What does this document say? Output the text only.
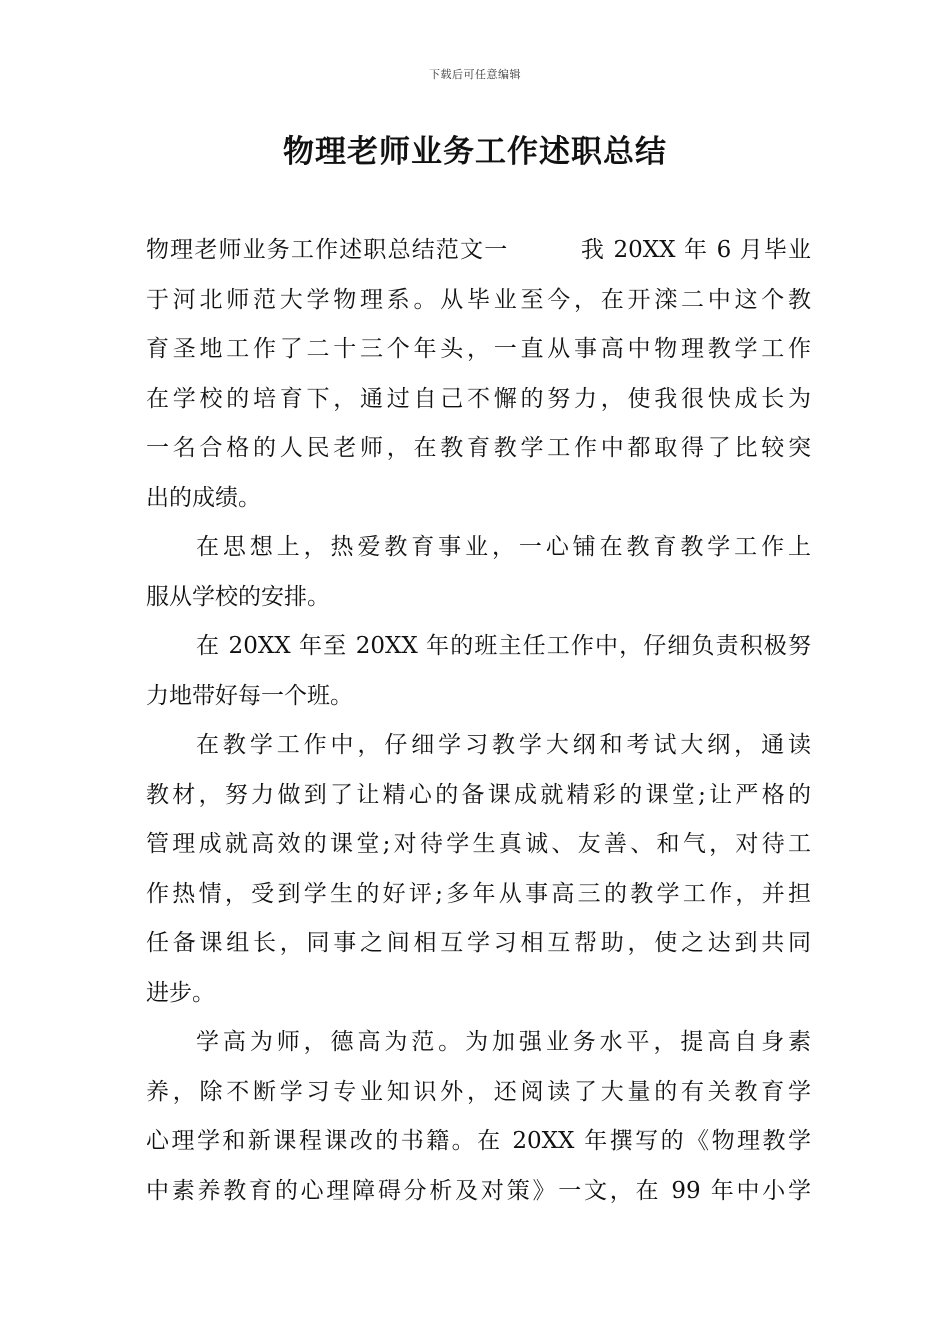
下载后可任意编辑
物理老师业务工作述职总结
物理老师业务工作述职总结范文一　　　我 20XX 年 6 月毕业
于河北师范大学物理系。从毕业至今，在开滦二中这个教
育圣地工作了二十三个年头，一直从事高中物理教学工作
在学校的培育下，通过自己不懈的努力，使我很快成长为
一名合格的人民老师，在教育教学工作中都取得了比较突
出的成绩。
在思想上，热爱教育事业，一心铺在教育教学工作上
服从学校的安排。
在 20XX 年至 20XX 年的班主任工作中，仔细负责积极努
力地带好每一个班。
在教学工作中，仔细学习教学大纲和考试大纲，通读
教材，努力做到了让精心的备课成就精彩的课堂;让严格的
管理成就高效的课堂;对待学生真诚、友善、和气，对待工
作热情，受到学生的好评;多年从事高三的教学工作，并担
任备课组长，同事之间相互学习相互帮助，使之达到共同
进步。
学高为师，德高为范。为加强业务水平，提高自身素
养，除不断学习专业知识外，还阅读了大量的有关教育学
心理学和新课程课改的书籍。在 20XX 年撰写的《物理教学
中素养教育的心理障碍分析及对策》一文，在 99 年中小学
